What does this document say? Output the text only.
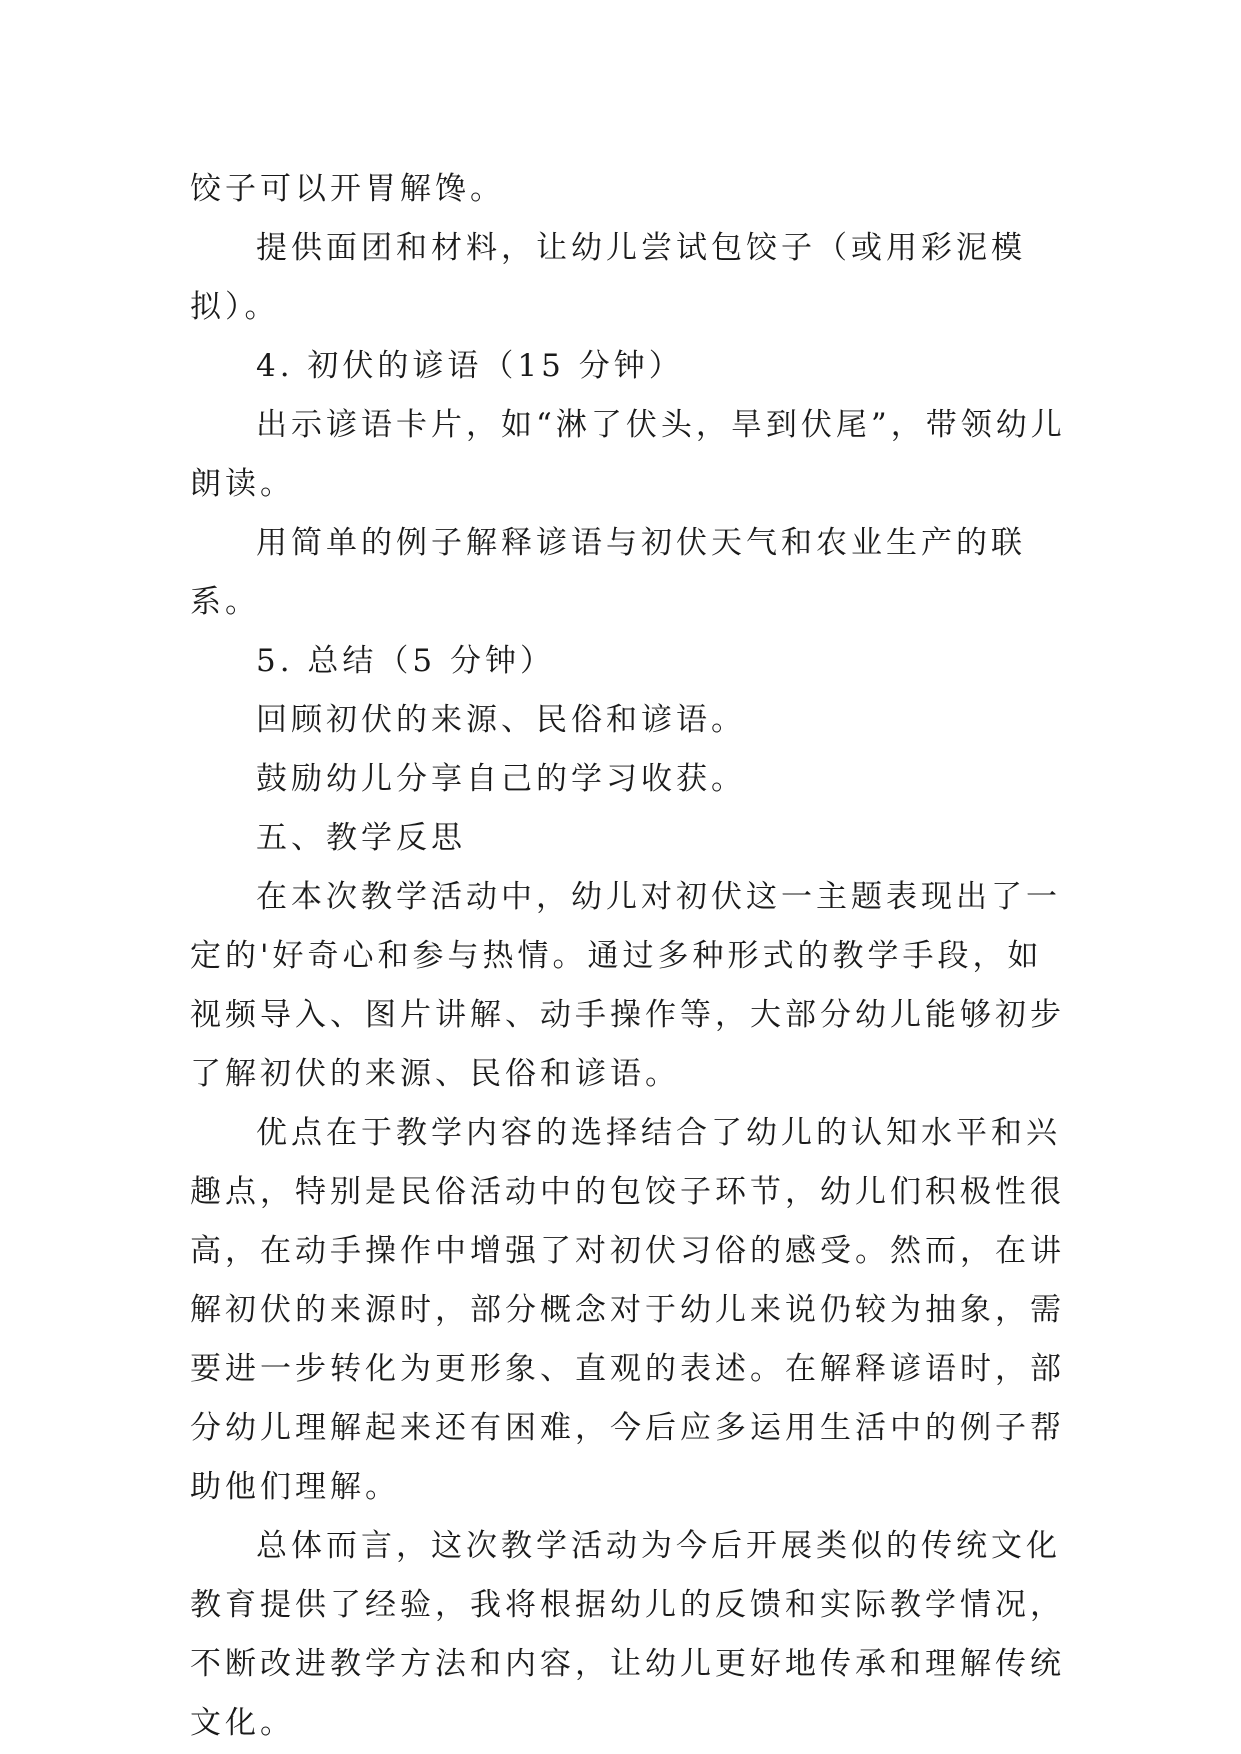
饺子可以开胃解馋。

提供面团和材料，让幼儿尝试包饺子（或用彩泥模拟）。

4. 初伏的谚语（15 分钟）

出示谚语卡片，如“淋了伏头，旱到伏尾”，带领幼儿朗读。

用简单的例子解释谚语与初伏天气和农业生产的联系。

5. 总结（5 分钟）

回顾初伏的来源、民俗和谚语。

鼓励幼儿分享自己的学习收获。

五、教学反思

在本次教学活动中，幼儿对初伏这一主题表现出了一定的'好奇心和参与热情。通过多种形式的教学手段，如视频导入、图片讲解、动手操作等，大部分幼儿能够初步了解初伏的来源、民俗和谚语。

优点在于教学内容的选择结合了幼儿的认知水平和兴趣点，特别是民俗活动中的包饺子环节，幼儿们积极性很高，在动手操作中增强了对初伏习俗的感受。然而，在讲解初伏的来源时，部分概念对于幼儿来说仍较为抽象，需要进一步转化为更形象、直观的表述。在解释谚语时，部分幼儿理解起来还有困难，今后应多运用生活中的例子帮助他们理解。

总体而言，这次教学活动为今后开展类似的传统文化教育提供了经验，我将根据幼儿的反馈和实际教学情况，不断改进教学方法和内容，让幼儿更好地传承和理解传统文化。
